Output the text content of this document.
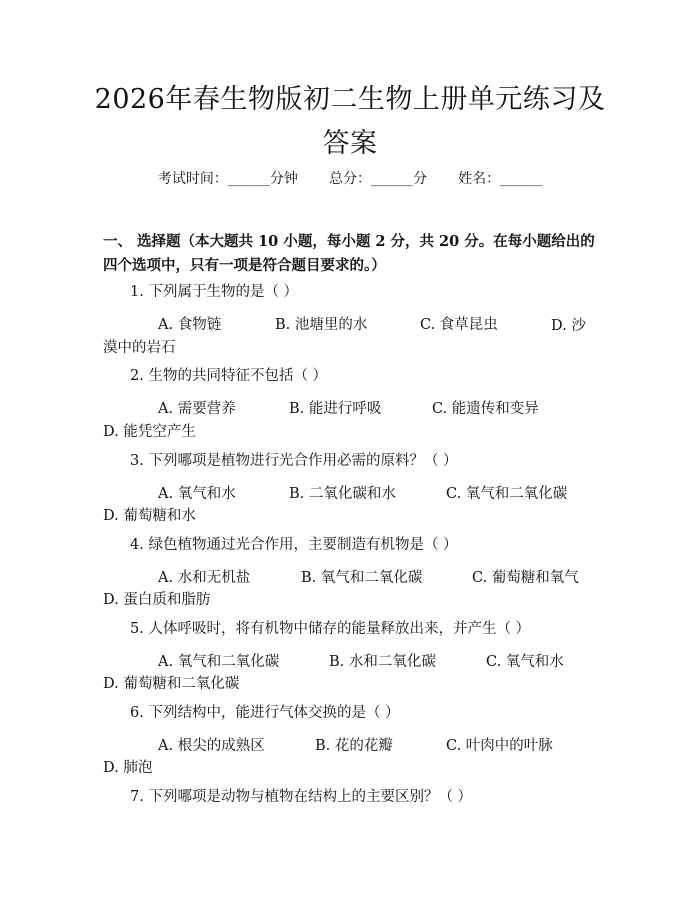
2026年春生物版初二生物上册单元练习及答案
考试时间：______分钟 总分：______分 姓名：______
一、 选择题（本大题共 10 小题，每小题 2 分，共 20 分。在每小题给出的四个选项中，只有一项是符合题目要求的。）
1. 下列属于生物的是（ ）
A. 食物链	B. 池塘里的水	C. 食草昆虫	D. 沙漠中的岩石
2. 生物的共同特征不包括（ ）
A. 需要营养	B. 能进行呼吸	C. 能遗传和变异
D. 能凭空产生
3. 下列哪项是植物进行光合作用必需的原料？（ ）
A. 氧气和水	B. 二氧化碳和水	C. 氧气和二氧化碳
D. 葡萄糖和水
4. 绿色植物通过光合作用，主要制造有机物是（ ）
A. 水和无机盐	B. 氧气和二氧化碳	C. 葡萄糖和氧气
D. 蛋白质和脂肪
5. 人体呼吸时，将有机物中储存的能量释放出来，并产生（ ）
A. 氧气和二氧化碳	B. 水和二氧化碳	C. 氧气和水
D. 葡萄糖和二氧化碳
6. 下列结构中，能进行气体交换的是（ ）
A. 根尖的成熟区	B. 花的花瓣	C. 叶肉中的叶脉
D. 肺泡
7. 下列哪项是动物与植物在结构上的主要区别？（ ）
